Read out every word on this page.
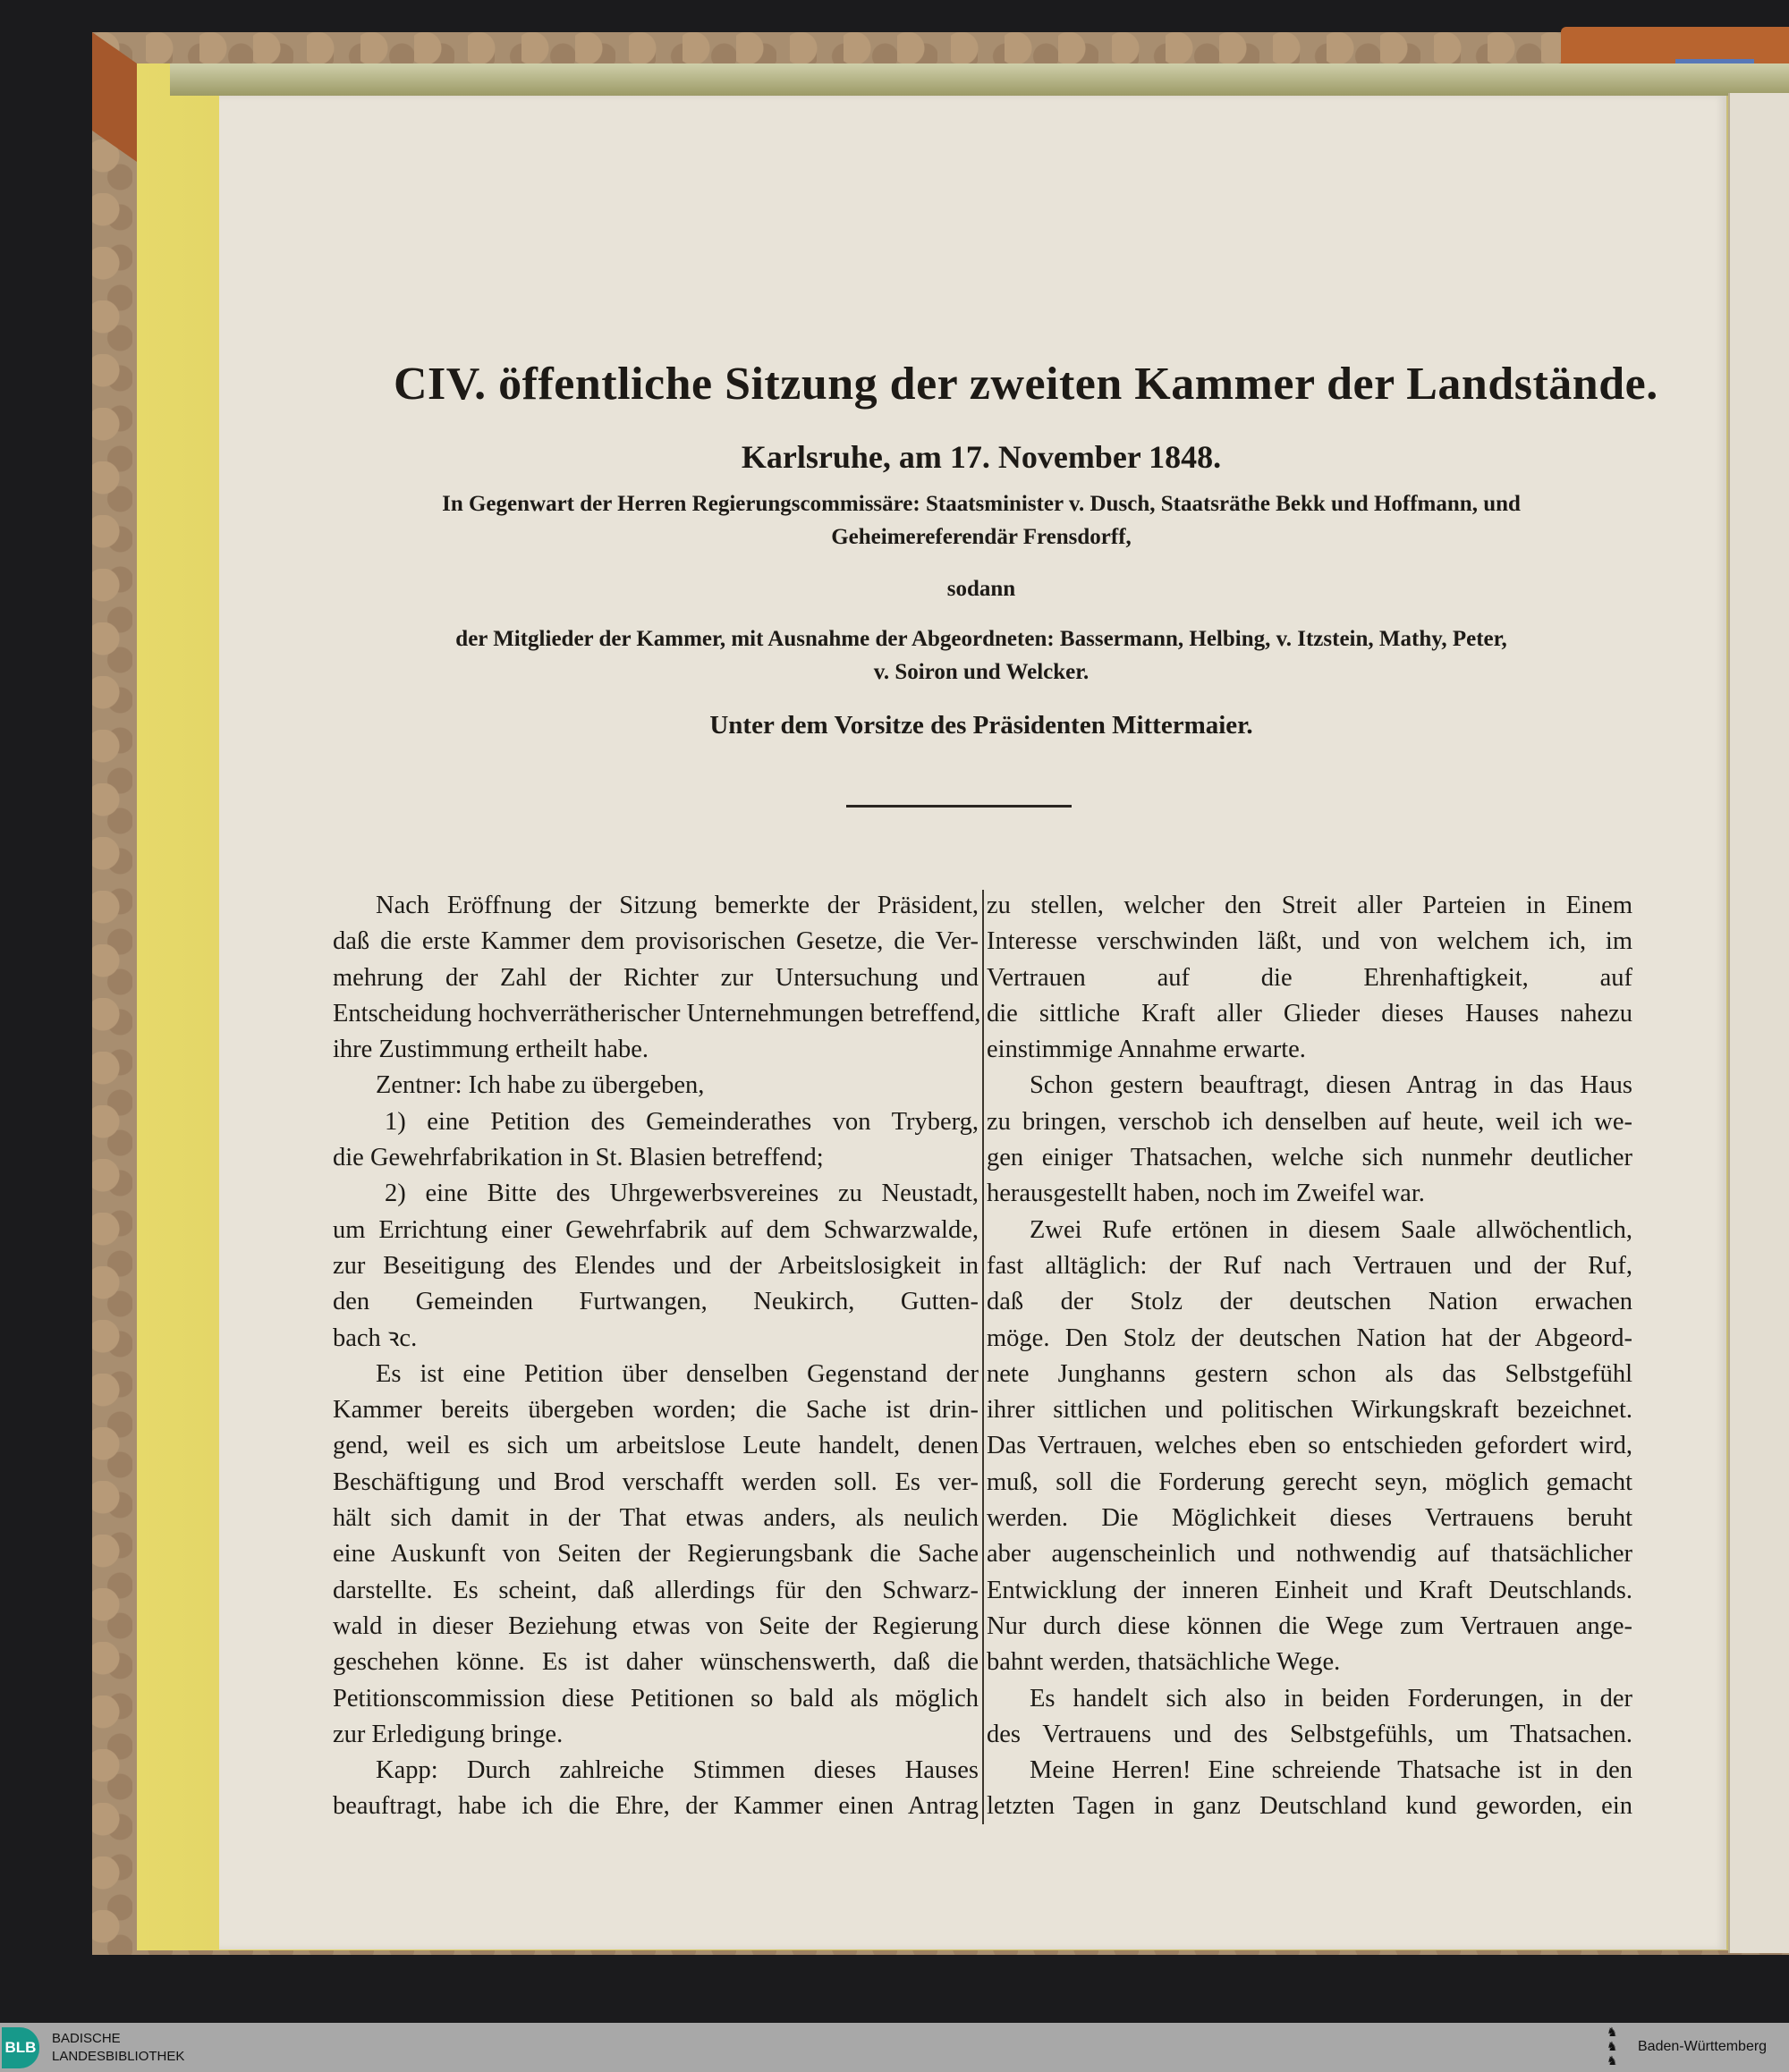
CIV. öffentliche Sitzung der zweiten Kammer der Landstände.
Karlsruhe, am 17. November 1848.
In Gegenwart der Herren Regierungscommissäre: Staatsminister v. Dusch, Staatsräthe Bekk und Hoffmann, und
Geheimereferendär Frensdorff,
sodann
der Mitglieder der Kammer, mit Ausnahme der Abgeordneten: Bassermann, Helbing, v. Itzstein, Mathy, Peter,
v. Soiron und Welcker.
Unter dem Vorsitze des Präsidenten Mittermaier.
Nach Eröffnung der Sitzung bemerkte der Präsident,
daß die erste Kammer dem provisorischen Gesetze, die Ver-
mehrung der Zahl der Richter zur Untersuchung und
Entscheidung hochverrätherischer Unternehmungen betreffend,
ihre Zustimmung ertheilt habe.
Zentner: Ich habe zu übergeben,
1) eine Petition des Gemeinderathes von Tryberg,
die Gewehrfabrikation in St. Blasien betreffend;
2) eine Bitte des Uhrgewerbsvereines zu Neustadt,
um Errichtung einer Gewehrfabrik auf dem Schwarzwalde,
zur Beseitigung des Elendes und der Arbeitslosigkeit in
den Gemeinden Furtwangen, Neukirch, Gutten-
bach ꝛc.
Es ist eine Petition über denselben Gegenstand der
Kammer bereits übergeben worden; die Sache ist drin-
gend, weil es sich um arbeitslose Leute handelt, denen
Beschäftigung und Brod verschafft werden soll. Es ver-
hält sich damit in der That etwas anders, als neulich
eine Auskunft von Seiten der Regierungsbank die Sache
darstellte. Es scheint, daß allerdings für den Schwarz-
wald in dieser Beziehung etwas von Seite der Regierung
geschehen könne. Es ist daher wünschenswerth, daß die
Petitionscommission diese Petitionen so bald als möglich
zur Erledigung bringe.
Kapp: Durch zahlreiche Stimmen dieses Hauses
beauftragt, habe ich die Ehre, der Kammer einen Antrag
zu stellen, welcher den Streit aller Parteien in Einem
Interesse verschwinden läßt, und von welchem ich, im
Vertrauen auf die Ehrenhaftigkeit, auf
die sittliche Kraft aller Glieder dieses Hauses nahezu
einstimmige Annahme erwarte.
Schon gestern beauftragt, diesen Antrag in das Haus
zu bringen, verschob ich denselben auf heute, weil ich we-
gen einiger Thatsachen, welche sich nunmehr deutlicher
herausgestellt haben, noch im Zweifel war.
Zwei Rufe ertönen in diesem Saale allwöchentlich,
fast alltäglich: der Ruf nach Vertrauen und der Ruf,
daß der Stolz der deutschen Nation erwachen
möge. Den Stolz der deutschen Nation hat der Abgeord-
nete Junghanns gestern schon als das Selbstgefühl
ihrer sittlichen und politischen Wirkungskraft bezeichnet.
Das Vertrauen, welches eben so entschieden gefordert wird,
muß, soll die Forderung gerecht seyn, möglich gemacht
werden. Die Möglichkeit dieses Vertrauens beruht
aber augenscheinlich und nothwendig auf thatsächlicher
Entwicklung der inneren Einheit und Kraft Deutschlands.
Nur durch diese können die Wege zum Vertrauen ange-
bahnt werden, thatsächliche Wege.
Es handelt sich also in beiden Forderungen, in der
des Vertrauens und des Selbstgefühls, um Thatsachen.
Meine Herren! Eine schreiende Thatsache ist in den
letzten Tagen in ganz Deutschland kund geworden, ein
BLB
BADISCHE
LANDESBIBLIOTHEK
♞
♞
♞
Baden-Württemberg
